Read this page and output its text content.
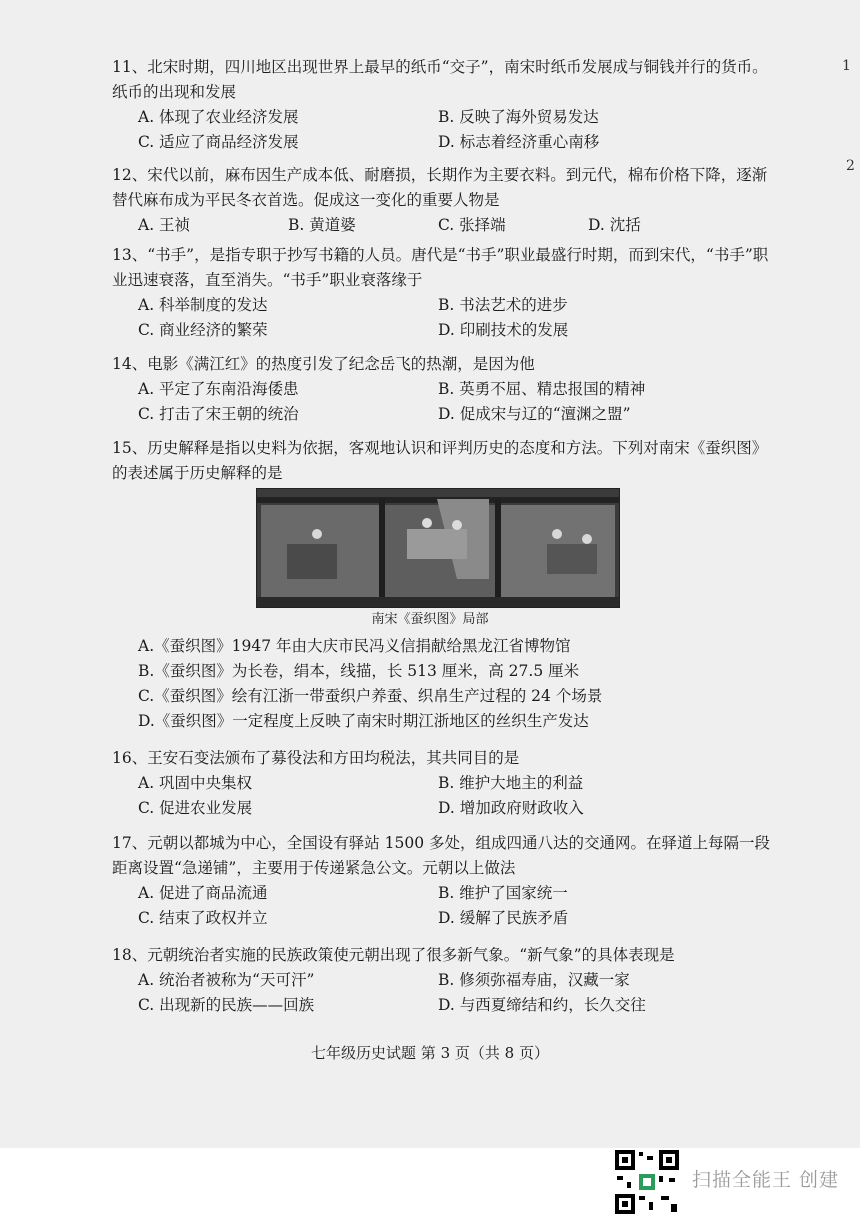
1
2
11、北宋时期，四川地区出现世界上最早的纸币“交子”，南宋时纸币发展成与铜钱并行的货币。纸币的出现和发展
A. 体现了农业经济发展	B. 反映了海外贸易发达
C. 适应了商品经济发展	D. 标志着经济重心南移
12、宋代以前，麻布因生产成本低、耐磨损，长期作为主要衣料。到元代，棉布价格下降，逐渐替代麻布成为平民冬衣首选。促成这一变化的重要人物是
A. 王祯	B. 黄道婆	C. 张择端	D. 沈括
13、“书手”，是指专职于抄写书籍的人员。唐代是“书手”职业最盛行时期，而到宋代，“书手”职业迅速衰落，直至消失。“书手”职业衰落缘于
A. 科举制度的发达	B. 书法艺术的进步
C. 商业经济的繁荣	D. 印刷技术的发展
14、电影《满江红》的热度引发了纪念岳飞的热潮，是因为他
A. 平定了东南沿海倭患	B. 英勇不屈、精忠报国的精神
C. 打击了宋王朝的统治	D. 促成宋与辽的“澶渊之盟”
15、历史解释是指以史料为依据，客观地认识和评判历史的态度和方法。下列对南宋《蚕织图》的表述属于历史解释的是
南宋《蚕织图》局部
A.《蚕织图》1947 年由大庆市民冯义信捐献给黑龙江省博物馆
B.《蚕织图》为长卷，绢本，线描，长 513 厘米，高 27.5 厘米
C.《蚕织图》绘有江浙一带蚕织户养蚕、织帛生产过程的 24 个场景
D.《蚕织图》一定程度上反映了南宋时期江浙地区的丝织生产发达
16、王安石变法颁布了募役法和方田均税法，其共同目的是
A. 巩固中央集权	B. 维护大地主的利益
C. 促进农业发展	D. 增加政府财政收入
17、元朝以都城为中心，全国设有驿站 1500 多处，组成四通八达的交通网。在驿道上每隔一段距离设置“急递铺”，主要用于传递紧急公文。元朝以上做法
A. 促进了商品流通	B. 维护了国家统一
C. 结束了政权并立	D. 缓解了民族矛盾
18、元朝统治者实施的民族政策使元朝出现了很多新气象。“新气象”的具体表现是
A. 统治者被称为“天可汗”	B. 修须弥福寿庙，汉藏一家
C. 出现新的民族——回族	D. 与西夏缔结和约，长久交往
七年级历史试题 第 3 页（共 8 页）
扫描全能王 创建
